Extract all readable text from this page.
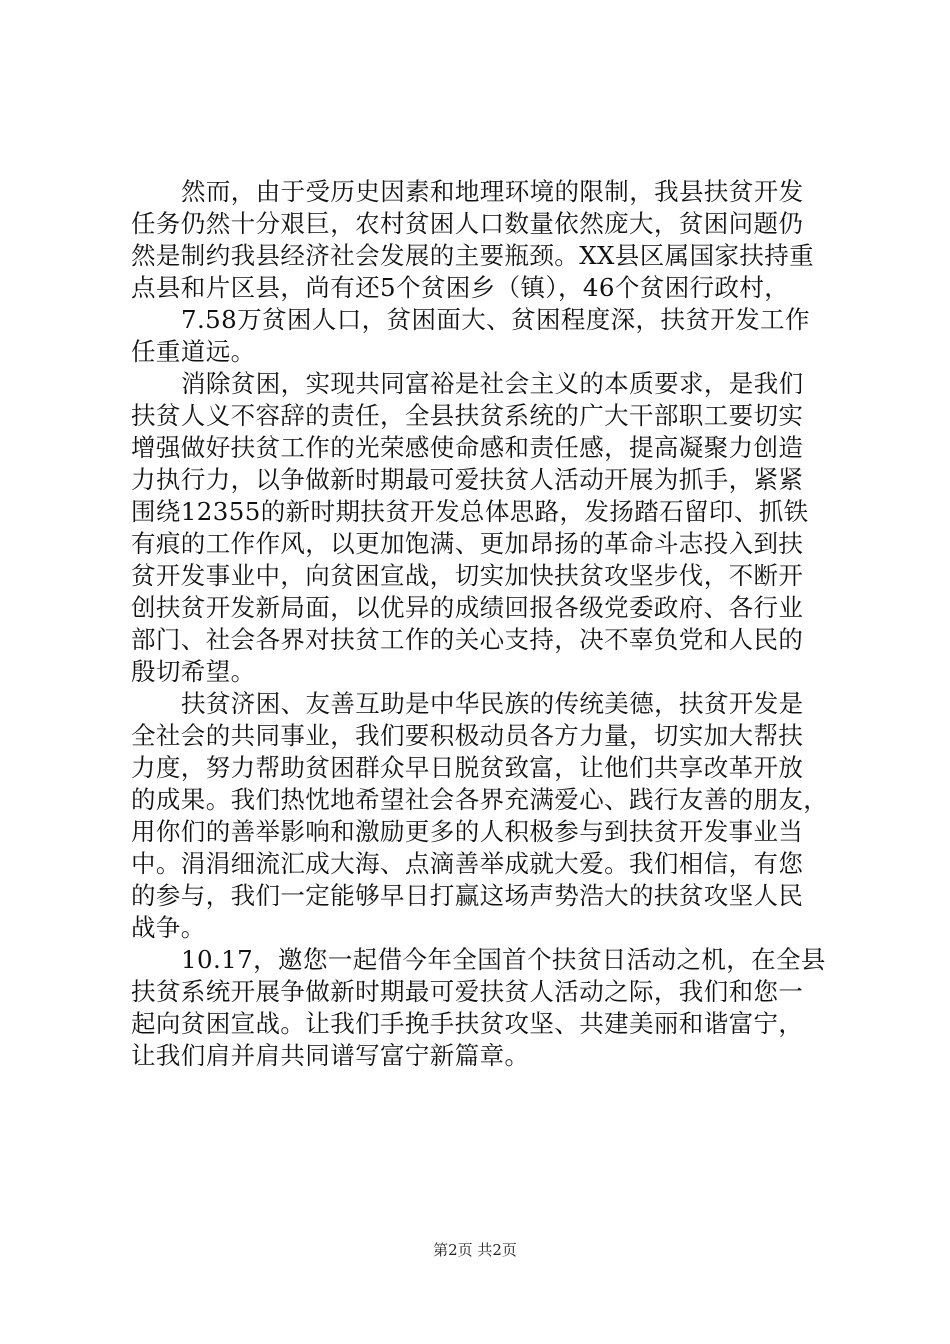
然而，由于受历史因素和地理环境的限制，我县扶贫开发
任务仍然十分艰巨，农村贫困人口数量依然庞大，贫困问题仍
然是制约我县经济社会发展的主要瓶颈。XX县区属国家扶持重
点县和片区县，尚有还5个贫困乡（镇），46个贫困行政村，
7.58万贫困人口，贫困面大、贫困程度深，扶贫开发工作
任重道远。
消除贫困，实现共同富裕是社会主义的本质要求，是我们
扶贫人义不容辞的责任，全县扶贫系统的广大干部职工要切实
增强做好扶贫工作的光荣感使命感和责任感，提高凝聚力创造
力执行力，以争做新时期最可爱扶贫人活动开展为抓手，紧紧
围绕12355的新时期扶贫开发总体思路，发扬踏石留印、抓铁
有痕的工作作风，以更加饱满、更加昂扬的革命斗志投入到扶
贫开发事业中，向贫困宣战，切实加快扶贫攻坚步伐，不断开
创扶贫开发新局面，以优异的成绩回报各级党委政府、各行业
部门、社会各界对扶贫工作的关心支持，决不辜负党和人民的
殷切希望。
扶贫济困、友善互助是中华民族的传统美德，扶贫开发是
全社会的共同事业，我们要积极动员各方力量，切实加大帮扶
力度，努力帮助贫困群众早日脱贫致富，让他们共享改革开放
的成果。我们热忱地希望社会各界充满爱心、践行友善的朋友，
用你们的善举影响和激励更多的人积极参与到扶贫开发事业当
中。涓涓细流汇成大海、点滴善举成就大爱。我们相信，有您
的参与，我们一定能够早日打赢这场声势浩大的扶贫攻坚人民
战争。
10.17，邀您一起借今年全国首个扶贫日活动之机，在全县
扶贫系统开展争做新时期最可爱扶贫人活动之际，我们和您一
起向贫困宣战。让我们手挽手扶贫攻坚、共建美丽和谐富宁，
让我们肩并肩共同谱写富宁新篇章。
第2页 共2页
